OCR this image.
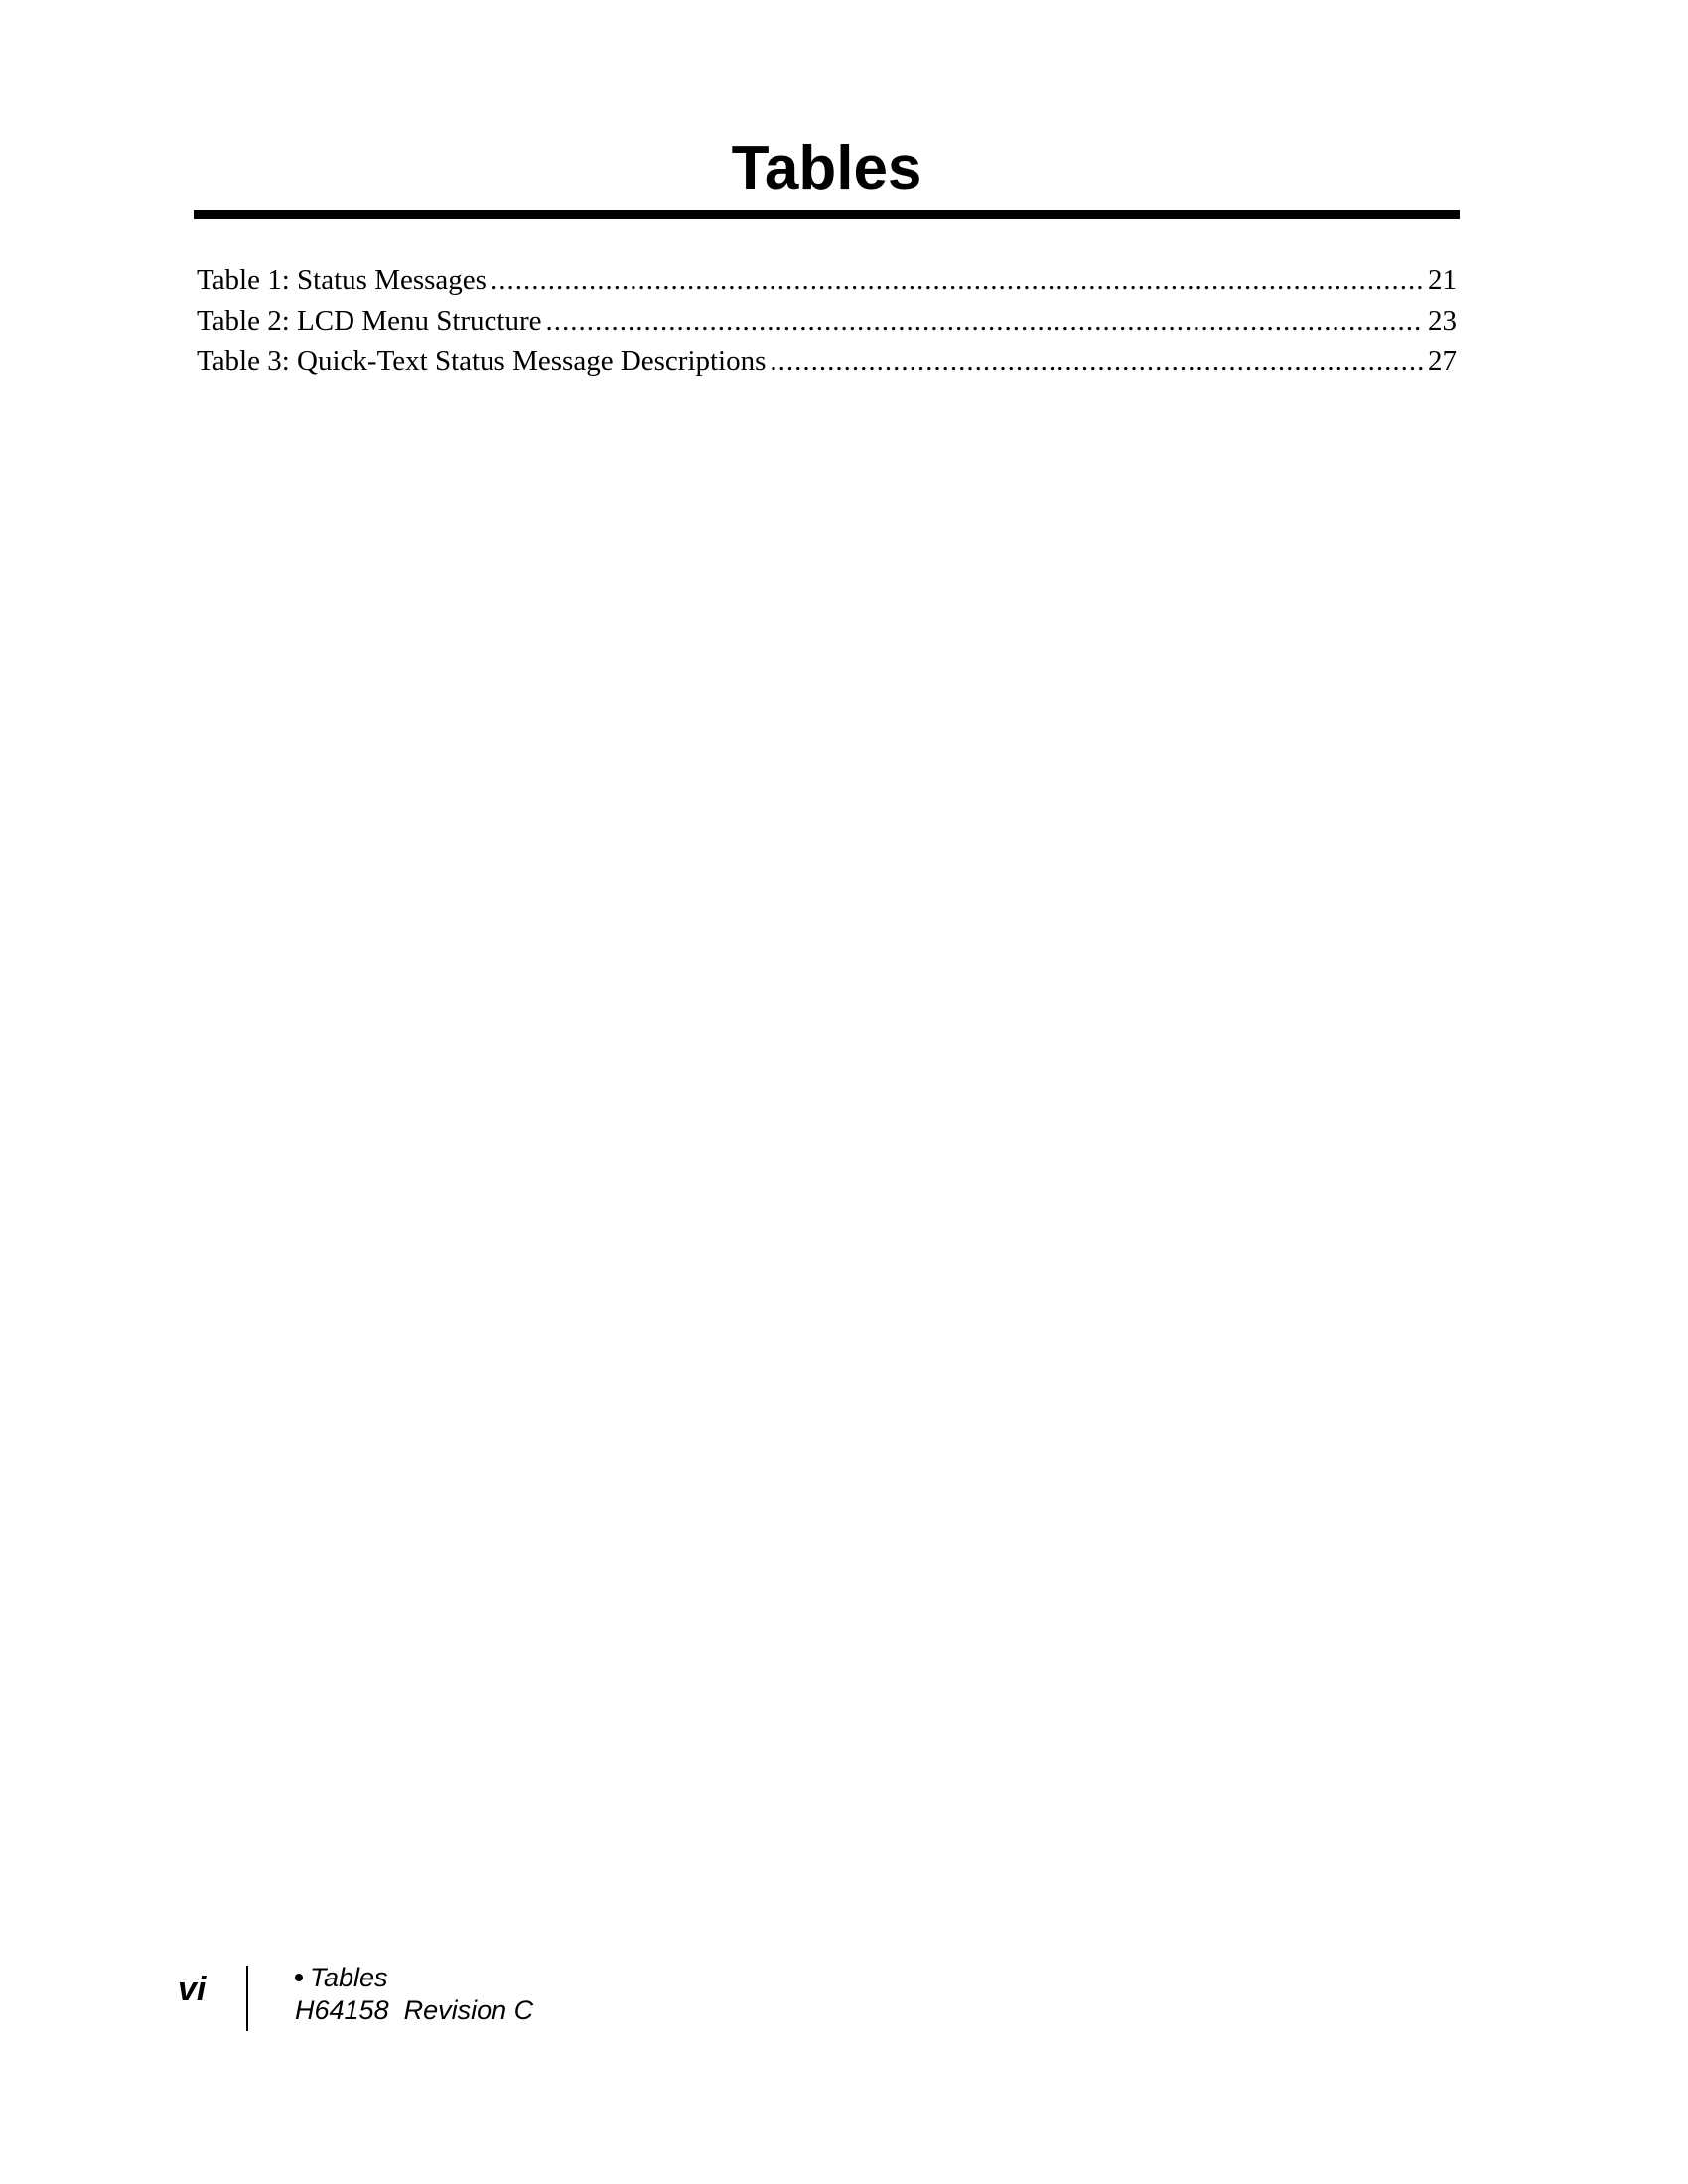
Tables
Table 1: Status Messages .....	21
Table 2: LCD Menu Structure .....	23
Table 3: Quick-Text Status Message Descriptions .....	27
vi	Tables
H64158  Revision C
